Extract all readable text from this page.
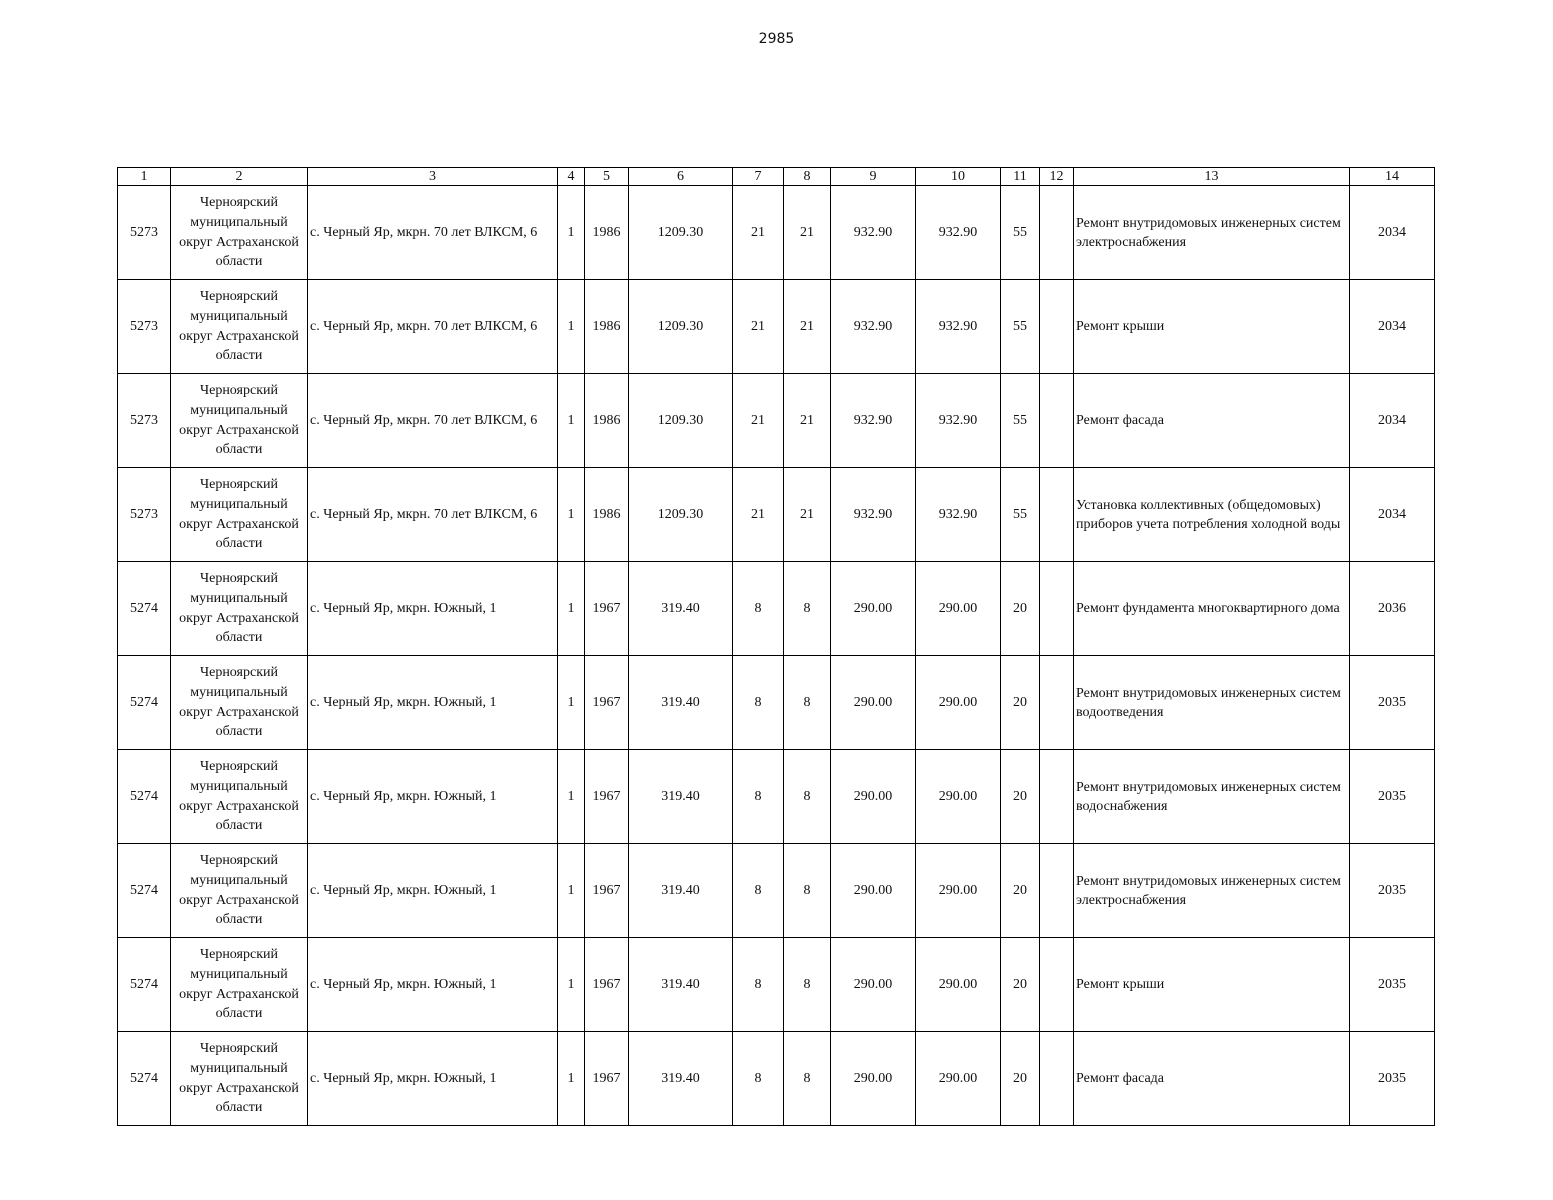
2985
1	2	3	4	5	6	7	8	9	10	11	12	13	14
5273	Черноярский муниципальный округ Астраханской области	с. Черный Яр, мкрн. 70 лет ВЛКСМ, 6	1	1986	1209.30	21	21	932.90	932.90	55		Ремонт внутридомовых инженерных систем электроснабжения	2034
5273	Черноярский муниципальный округ Астраханской области	с. Черный Яр, мкрн. 70 лет ВЛКСМ, 6	1	1986	1209.30	21	21	932.90	932.90	55		Ремонт крыши	2034
5273	Черноярский муниципальный округ Астраханской области	с. Черный Яр, мкрн. 70 лет ВЛКСМ, 6	1	1986	1209.30	21	21	932.90	932.90	55		Ремонт фасада	2034
5273	Черноярский муниципальный округ Астраханской области	с. Черный Яр, мкрн. 70 лет ВЛКСМ, 6	1	1986	1209.30	21	21	932.90	932.90	55		Установка коллективных (общедомовых) приборов учета потребления холодной воды	2034
5274	Черноярский муниципальный округ Астраханской области	с. Черный Яр, мкрн. Южный, 1	1	1967	319.40	8	8	290.00	290.00	20		Ремонт фундамента многоквартирного дома	2036
5274	Черноярский муниципальный округ Астраханской области	с. Черный Яр, мкрн. Южный, 1	1	1967	319.40	8	8	290.00	290.00	20		Ремонт внутридомовых инженерных систем водоотведения	2035
5274	Черноярский муниципальный округ Астраханской области	с. Черный Яр, мкрн. Южный, 1	1	1967	319.40	8	8	290.00	290.00	20		Ремонт внутридомовых инженерных систем водоснабжения	2035
5274	Черноярский муниципальный округ Астраханской области	с. Черный Яр, мкрн. Южный, 1	1	1967	319.40	8	8	290.00	290.00	20		Ремонт внутридомовых инженерных систем электроснабжения	2035
5274	Черноярский муниципальный округ Астраханской области	с. Черный Яр, мкрн. Южный, 1	1	1967	319.40	8	8	290.00	290.00	20		Ремонт крыши	2035
5274	Черноярский муниципальный округ Астраханской области	с. Черный Яр, мкрн. Южный, 1	1	1967	319.40	8	8	290.00	290.00	20		Ремонт фасада	2035
